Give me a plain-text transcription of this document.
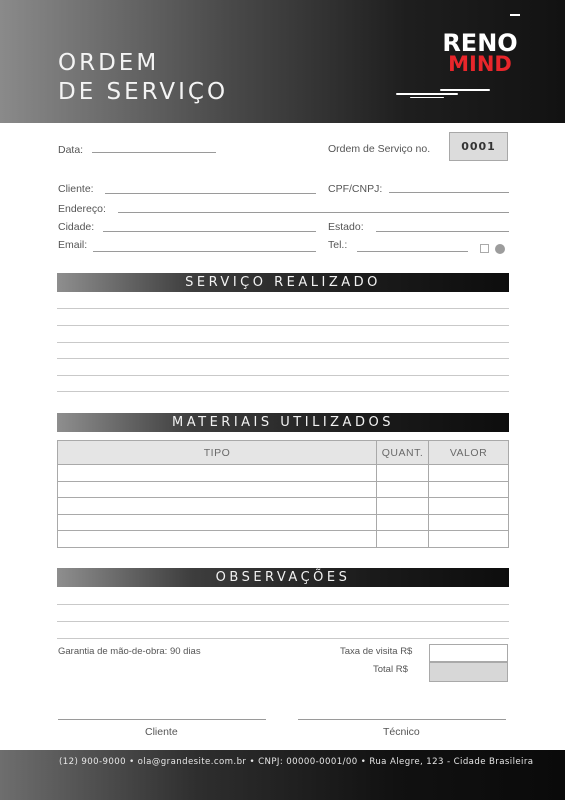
ORDEM
DE SERVIÇO
RENO
MIND
Data:	Ordem de Serviço no.	0001
Cliente:	CPF/CNPJ:
Endereço:
Cidade:	Estado:
Email:	Tel.:
SERVIÇO REALIZADO
MATERIAIS UTILIZADOS
TIPO	QUANT.	VALOR

OBSERVAÇÕES
Garantia de mão-de-obra: 90 dias	Taxa de visita R$
Total R$
Cliente	Técnico
(12) 900-9000 • ola@grandesite.com.br • CNPJ: 00000-0001/00 • Rua Alegre, 123 - Cidade Brasileira
